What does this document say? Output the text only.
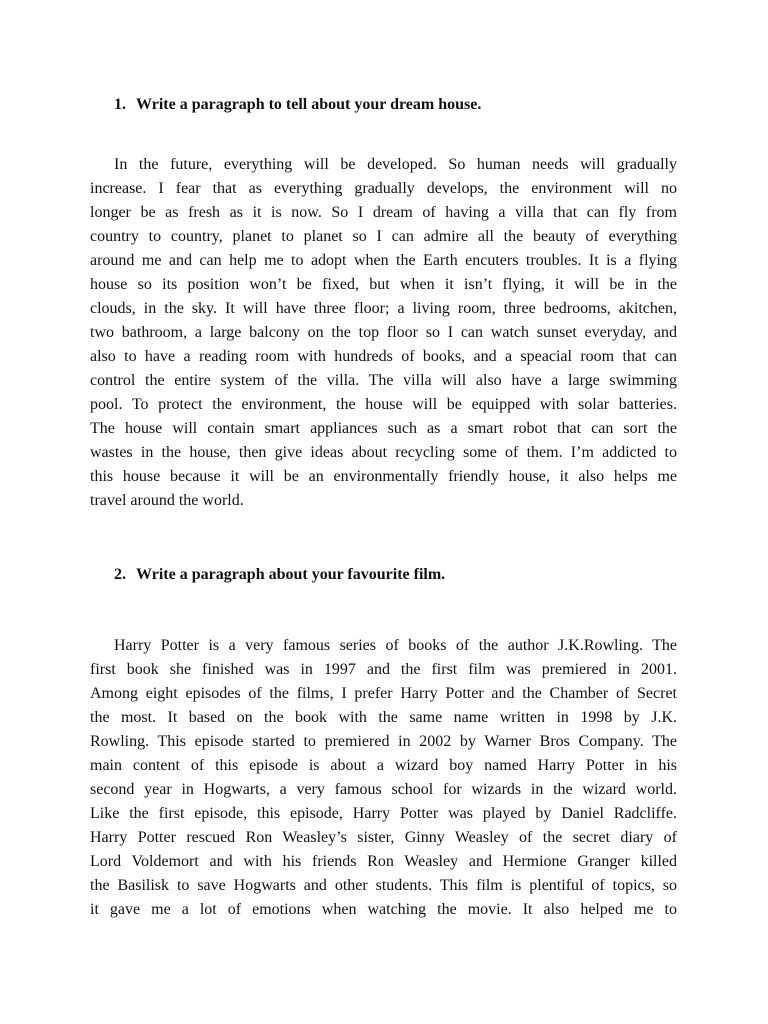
1. Write a paragraph to tell about your dream house.
In the future, everything will be developed. So human needs will gradually
increase. I fear that as everything gradually develops, the environment will no
longer be as fresh as it is now. So I dream of having a villa that can fly from
country to country, planet to planet so I can admire all the beauty of everything
around me and can help me to adopt when the Earth encuters troubles. It is a flying
house so its position won’t be fixed, but when it isn’t flying, it will be in the
clouds, in the sky. It will have three floor; a living room, three bedrooms, akitchen,
two bathroom, a large balcony on the top floor so I can watch sunset everyday, and
also to have a reading room with hundreds of books, and a speacial room that can
control the entire system of the villa. The villa will also have a large swimming
pool. To protect the environment, the house will be equipped with solar batteries.
The house will contain smart appliances such as a smart robot that can sort the
wastes in the house, then give ideas about recycling some of them. I’m addicted to
this house because it will be an environmentally friendly house, it also helps me
travel around the world.
2. Write a paragraph about your favourite film.
Harry Potter is a very famous series of books of the author J.K.Rowling. The
first book she finished was in 1997 and the first film was premiered in 2001.
Among eight episodes of the films, I prefer Harry Potter and the Chamber of Secret
the most. It based on the book with the same name written in 1998 by J.K.
Rowling. This episode started to premiered in 2002 by Warner Bros Company. The
main content of this episode is about a wizard boy named Harry Potter in his
second year in Hogwarts, a very famous school for wizards in the wizard world.
Like the first episode, this episode, Harry Potter was played by Daniel Radcliffe.
Harry Potter rescued Ron Weasley’s sister, Ginny Weasley of the secret diary of
Lord Voldemort and with his friends Ron Weasley and Hermione Granger killed
the Basilisk to save Hogwarts and other students. This film is plentiful of topics, so
it gave me a lot of emotions when watching the movie. It also helped me to
